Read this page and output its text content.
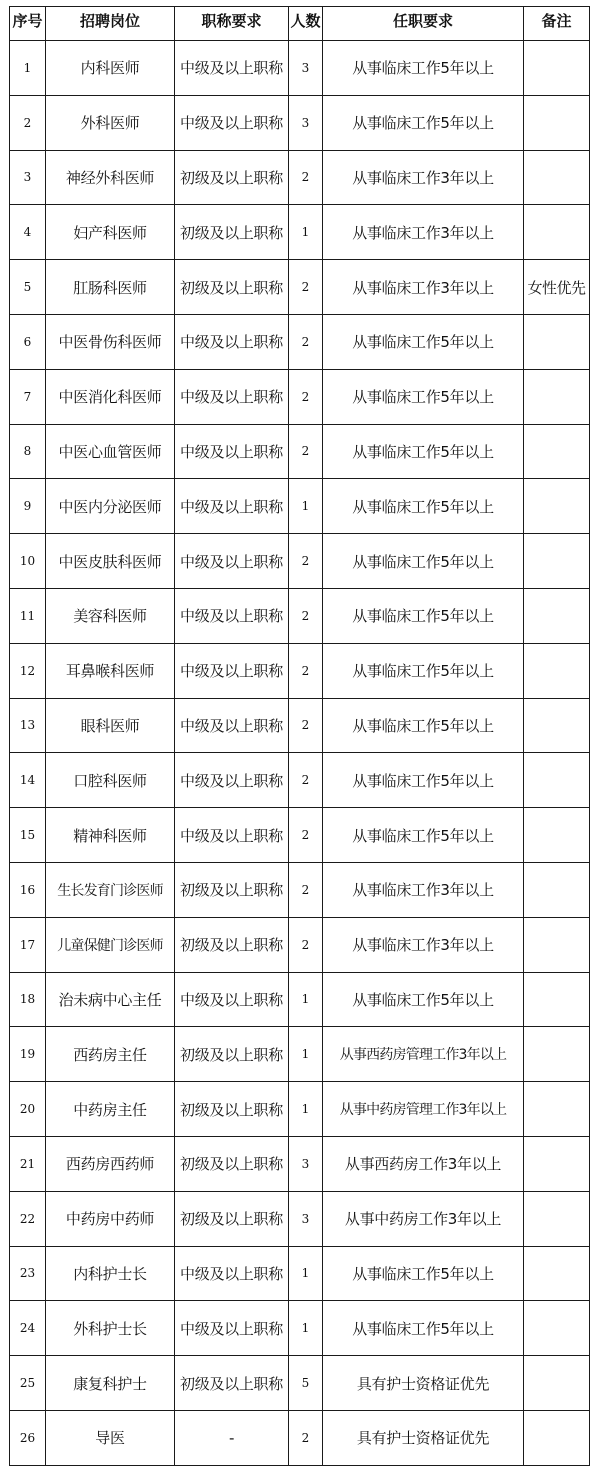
序号	招聘岗位	职称要求	人数	任职要求	备注
1	内科医师	中级及以上职称	3	从事临床工作5年以上	
2	外科医师	中级及以上职称	3	从事临床工作5年以上	
3	神经外科医师	初级及以上职称	2	从事临床工作3年以上	
4	妇产科医师	初级及以上职称	1	从事临床工作3年以上	
5	肛肠科医师	初级及以上职称	2	从事临床工作3年以上	女性优先
6	中医骨伤科医师	中级及以上职称	2	从事临床工作5年以上	
7	中医消化科医师	中级及以上职称	2	从事临床工作5年以上	
8	中医心血管医师	中级及以上职称	2	从事临床工作5年以上	
9	中医内分泌医师	中级及以上职称	1	从事临床工作5年以上	
10	中医皮肤科医师	中级及以上职称	2	从事临床工作5年以上	
11	美容科医师	中级及以上职称	2	从事临床工作5年以上	
12	耳鼻喉科医师	中级及以上职称	2	从事临床工作5年以上	
13	眼科医师	中级及以上职称	2	从事临床工作5年以上	
14	口腔科医师	中级及以上职称	2	从事临床工作5年以上	
15	精神科医师	中级及以上职称	2	从事临床工作5年以上	
16	生长发育门诊医师	初级及以上职称	2	从事临床工作3年以上	
17	儿童保健门诊医师	初级及以上职称	2	从事临床工作3年以上	
18	治未病中心主任	中级及以上职称	1	从事临床工作5年以上	
19	西药房主任	初级及以上职称	1	从事西药房管理工作3年以上	
20	中药房主任	初级及以上职称	1	从事中药房管理工作3年以上	
21	西药房西药师	初级及以上职称	3	从事西药房工作3年以上	
22	中药房中药师	初级及以上职称	3	从事中药房工作3年以上	
23	内科护士长	中级及以上职称	1	从事临床工作5年以上	
24	外科护士长	中级及以上职称	1	从事临床工作5年以上	
25	康复科护士	初级及以上职称	5	具有护士资格证优先	
26	导医	-	2	具有护士资格证优先	
